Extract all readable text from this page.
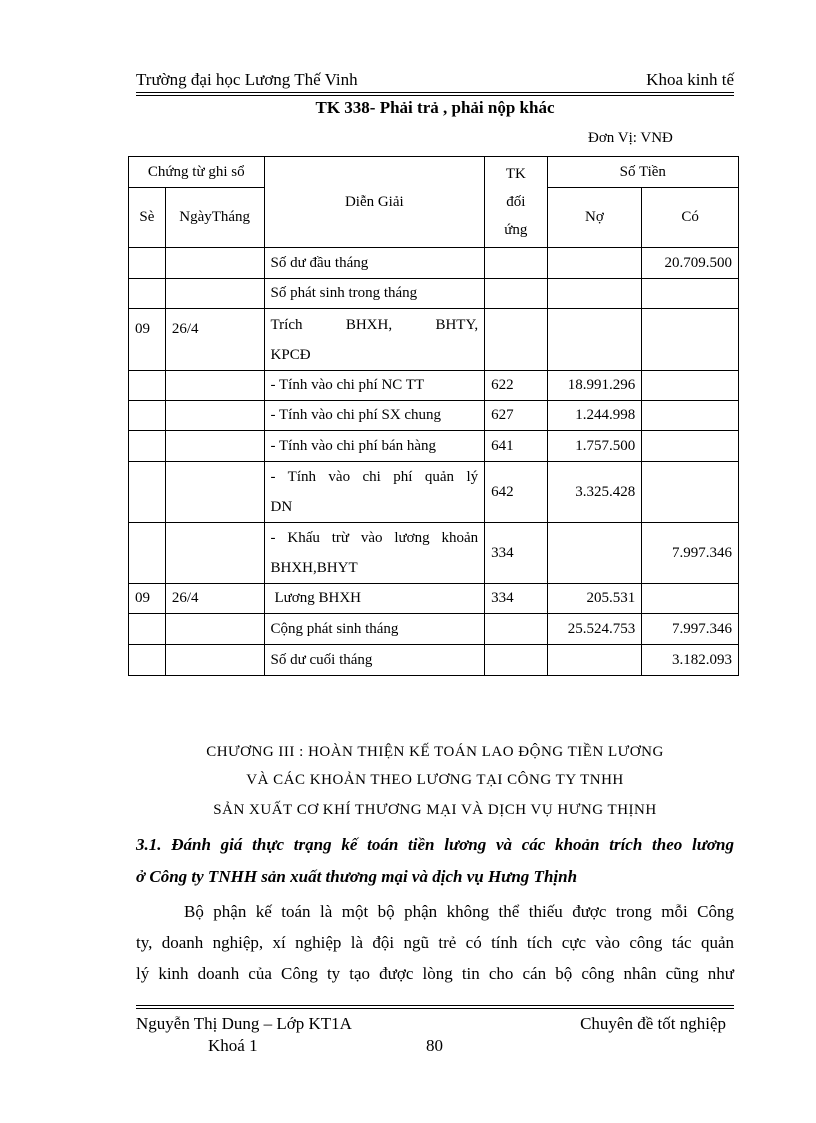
Trường đại học Lương Thế Vinh	Khoa kinh tế
TK 338- Phải trả , phải nộp khác
Đơn Vị: VNĐ
Chứng từ ghi sổ		Diễn Giải	TK
đối
ứng	Số Tiền	
Sè	NgàyTháng			Nợ	Có
		Số dư đầu tháng			20.709.500
		Số phát sinh trong tháng			
09	26/4	Trích BHXH, BHTY,
KPCĐ			

		- Tính vào chi phí NC TT	622	18.991.296	
		- Tính vào chi phí SX chung	627	1.244.998	
		- Tính vào chi phí bán hàng	641	1.757.500	

		- Tính vào chi phí quản lý
DN	642	3.325.428	

		- Khấu trừ vào lương khoản
BHXH,BHYT	334		7.997.346
09	26/4	Lương BHXH	334	205.531	
		Cộng phát sinh tháng		25.524.753	7.997.346
		Số dư cuối tháng			3.182.093
CHƯƠNG III : HOÀN THIỆN KẾ TOÁN LAO ĐỘNG TIỀN LƯƠNG
VÀ CÁC KHOẢN THEO LƯƠNG TẠI CÔNG TY TNHH
SẢN XUẤT CƠ KHÍ THƯƠNG MẠI VÀ DỊCH VỤ HƯNG THỊNH
3.1. Đánh giá thực trạng kế toán tiền lương và các khoản trích theo lương
ở Công ty TNHH sản xuất thương mại và dịch vụ Hưng Thịnh
Bộ phận kế toán là một bộ phận không thể thiếu được trong mỗi Công
ty, doanh nghiệp, xí nghiệp là đội ngũ trẻ có tính tích cực vào công tác quản
lý kinh doanh của Công ty tạo được lòng tin cho cán bộ công nhân cũng như
Nguyễn Thị Dung – Lớp KT1A	Chuyên đề tốt nghiệp
Khoá 1	80
